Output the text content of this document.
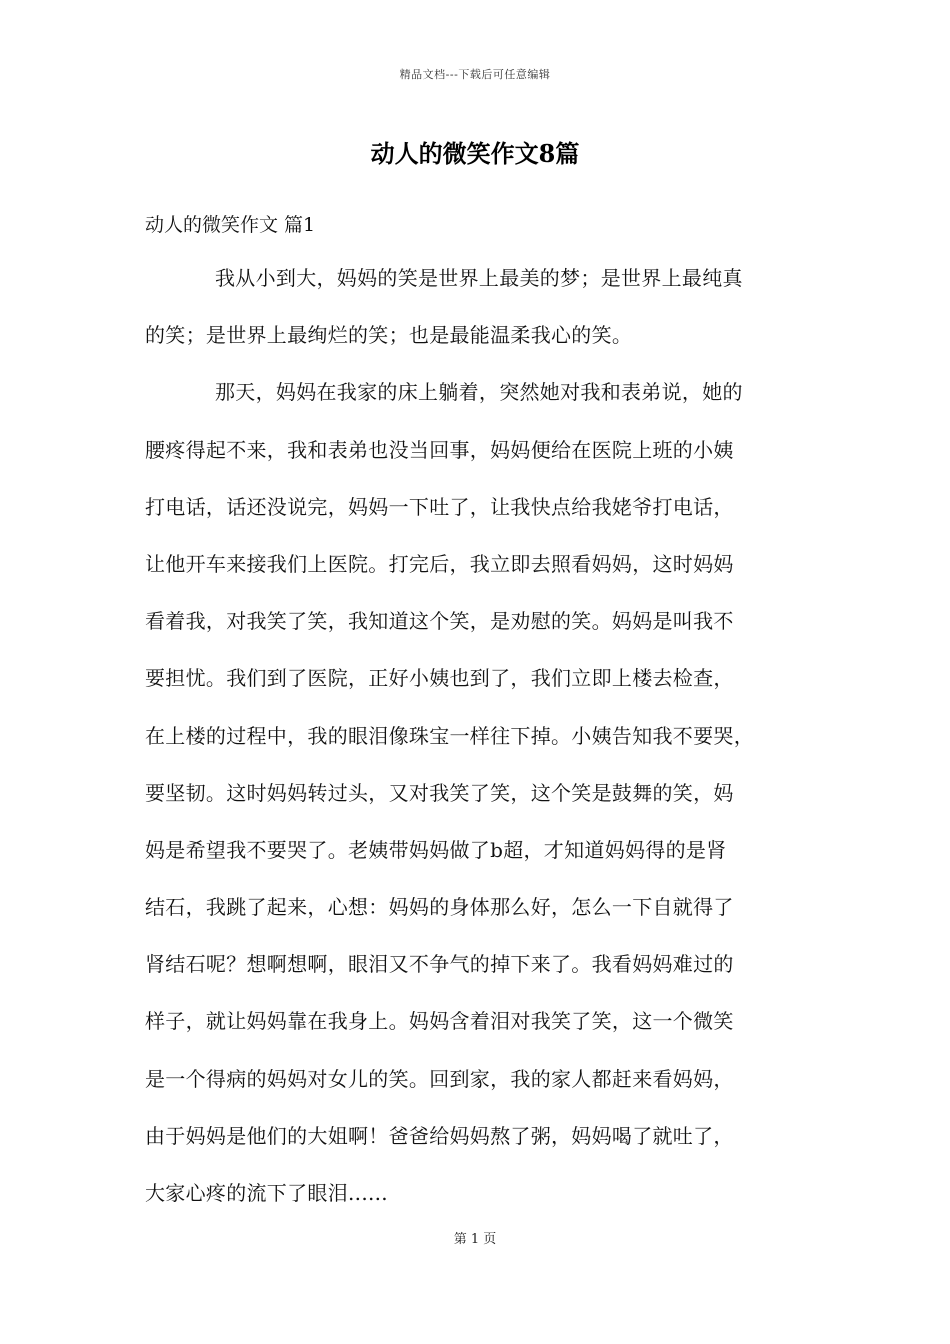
精品文档---下载后可任意编辑
动人的微笑作文8篇
动人的微笑作文 篇1
我从小到大，妈妈的笑是世界上最美的梦；是世界上最纯真
的笑；是世界上最绚烂的笑；也是最能温柔我心的笑。
那天，妈妈在我家的床上躺着，突然她对我和表弟说，她的
腰疼得起不来，我和表弟也没当回事，妈妈便给在医院上班的小姨
打电话，话还没说完，妈妈一下吐了，让我快点给我姥爷打电话，
让他开车来接我们上医院。打完后，我立即去照看妈妈，这时妈妈
看着我，对我笑了笑，我知道这个笑，是劝慰的笑。妈妈是叫我不
要担忧。我们到了医院，正好小姨也到了，我们立即上楼去检查，
在上楼的过程中，我的眼泪像珠宝一样往下掉。小姨告知我不要哭，
要坚韧。这时妈妈转过头，又对我笑了笑，这个笑是鼓舞的笑，妈
妈是希望我不要哭了。老姨带妈妈做了b超，才知道妈妈得的是肾
结石，我跳了起来，心想：妈妈的身体那么好，怎么一下自就得了
肾结石呢？想啊想啊，眼泪又不争气的掉下来了。我看妈妈难过的
样子，就让妈妈靠在我身上。妈妈含着泪对我笑了笑，这一个微笑
是一个得病的妈妈对女儿的笑。回到家，我的家人都赶来看妈妈，
由于妈妈是他们的大姐啊！爸爸给妈妈熬了粥，妈妈喝了就吐了，
大家心疼的流下了眼泪......
第 1 页
